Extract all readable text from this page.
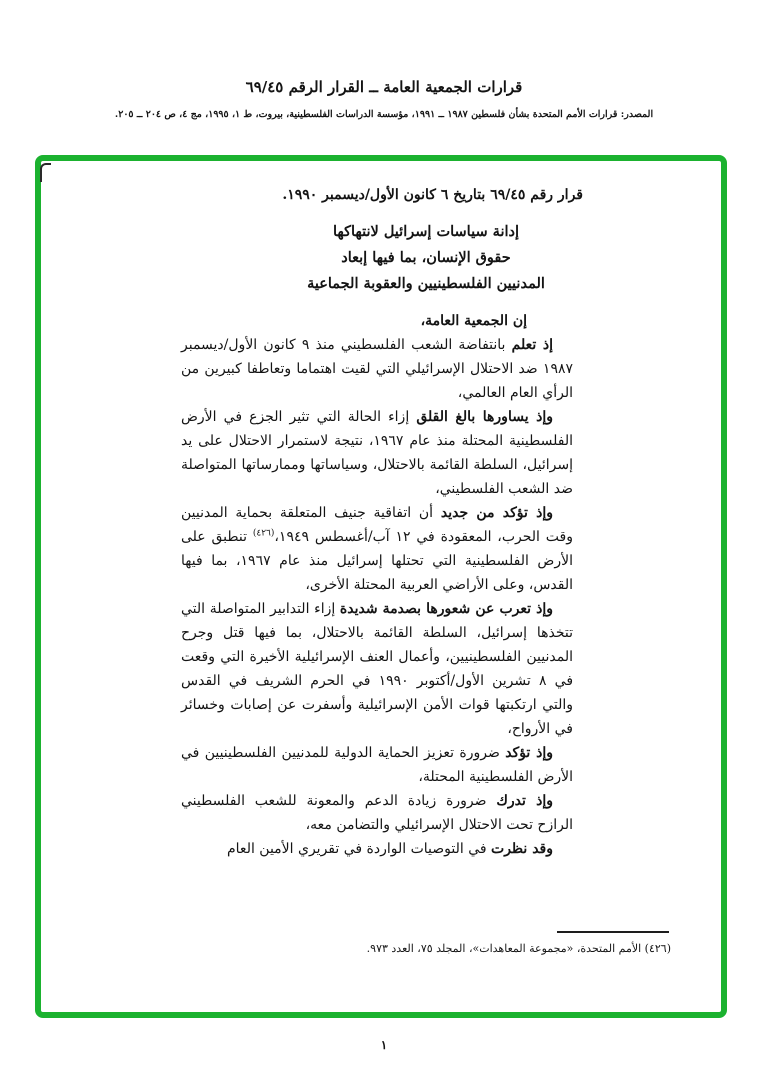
قرارات الجمعية العامة ــ القرار الرقم ٦٩/٤٥
المصدر: قرارات الأمم المتحدة بشأن فلسطين ١٩٨٧ ــ ١٩٩١، مؤسسة الدراسات الفلسطينية، بيروت، ط ١، ١٩٩٥، مج ٤، ص ٢٠٤ ــ ٢٠٥.
قرار رقم ٦٩/٤٥ بتاريخ ٦ كانون الأول/ديسمبر ١٩٩٠.
إدانة سياسات إسرائيل لانتهاكها
حقوق الإنسان، بما فيها إبعاد
المدنيين الفلسطينيين والعقوبة الجماعية

إن الجمعية العامة،

إذ تعلم بانتفاضة الشعب الفلسطيني منذ ٩ كانون الأول/ديسمبر ١٩٨٧ ضد الاحتلال الإسرائيلي التي لقيت اهتماما وتعاطفا كبيرين من الرأي العام العالمي،

وإذ يساورها بالغ القلق إزاء الحالة التي تثير الجزع في الأرض الفلسطينية المحتلة منذ عام ١٩٦٧، نتيجة لاستمرار الاحتلال على يد إسرائيل، السلطة القائمة بالاحتلال، وسياساتها وممارساتها المتواصلة ضد الشعب الفلسطيني،

وإذ تؤكد من جديد أن اتفاقية جنيف المتعلقة بحماية المدنيين وقت الحرب، المعقودة في ١٢ آب/أغسطس ١٩٤٩،$^{(٤٢٦)}$ تنطبق على الأرض الفلسطينية التي تحتلها إسرائيل منذ عام ١٩٦٧، بما فيها القدس، وعلى الأراضي العربية المحتلة الأخرى،

وإذ تعرب عن شعورها بصدمة شديدة إزاء التدابير المتواصلة التي تتخذها إسرائيل، السلطة القائمة بالاحتلال، بما فيها قتل وجرح المدنيين الفلسطينيين، وأعمال العنف الإسرائيلية الأخيرة التي وقعت في ٨ تشرين الأول/أكتوبر ١٩٩٠ في الحرم الشريف في القدس والتي ارتكبتها قوات الأمن الإسرائيلية وأسفرت عن إصابات وخسائر في الأرواح،

وإذ تؤكد ضرورة تعزيز الحماية الدولية للمدنيين الفلسطينيين في الأرض الفلسطينية المحتلة،

وإذ تدرك ضرورة زيادة الدعم والمعونة للشعب الفلسطيني الرازح تحت الاحتلال الإسرائيلي والتضامن معه،

وقد نظرت في التوصيات الواردة في تقريري الأمين العام

(٤٢٦) الأمم المتحدة، «مجموعة المعاهدات»، المجلد ٧٥، العدد ٩٧٣.
١
